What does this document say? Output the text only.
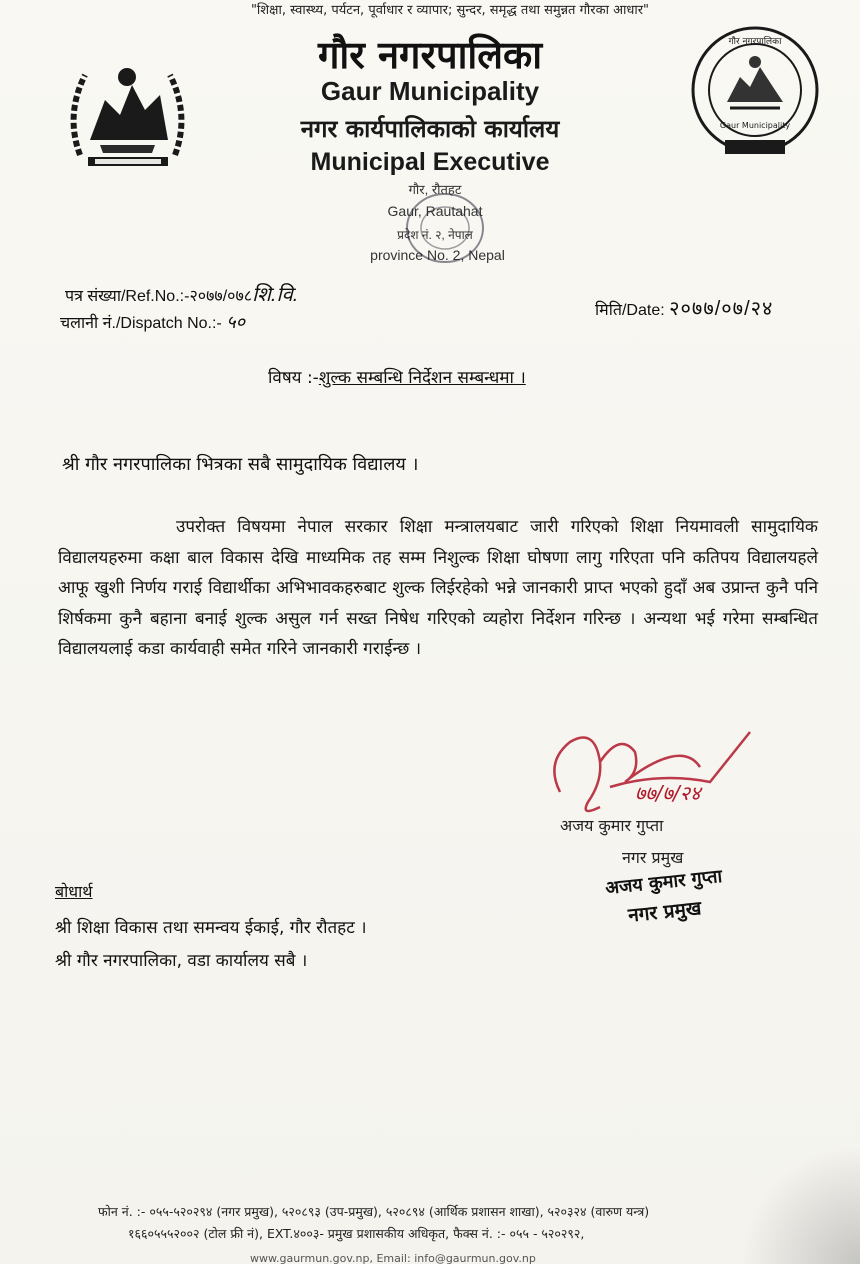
"शिक्षा, स्वास्थ्य, पर्यटन, पूर्वाधार र व्यापार; सुन्दर, समृद्ध तथा समुन्नत गौरका आधार"
गौर नगरपालिका
Gaur Municipality
गौर नगरपालिका
Gaur Municipality
नगर कार्यपालिकाको कार्यालय
Municipal Executive
गौर, रौतहट
Gaur, Rautahat
प्रदेश नं. २, नेपाल
province No. 2, Nepal
पत्र संख्या/Ref.No.:-२०७७/०७८शि.वि.
चलानी नं./Dispatch No.:- ५०
मिति/Date: २०७७/०७/२४
विषय :-शुल्क सम्बन्धि निर्देशन सम्बन्धमा ।
श्री गौर नगरपालिका भित्रका सबै सामुदायिक विद्यालय ।
उपरोक्त विषयमा नेपाल सरकार शिक्षा मन्त्रालयबाट जारी गरिएको शिक्षा नियमावली सामुदायिक विद्यालयहरुमा कक्षा बाल विकास देखि माध्यमिक तह सम्म निशुल्क शिक्षा घोषणा लागु गरिएता पनि कतिपय विद्यालयहले आफू खुशी निर्णय गराई विद्यार्थीका अभिभावकहरुबाट शुल्क लिईरहेको भन्ने जानकारी प्राप्त भएको हुदाँ अब उप्रान्त कुनै पनि शिर्षकमा कुनै बहाना बनाई शुल्क असुल गर्न सख्त निषेध गरिएको व्यहोरा निर्देशन गरिन्छ । अन्यथा भई गरेमा सम्बन्धित विद्यालयलाई कडा कार्यवाही समेत गरिने जानकारी गराईन्छ ।
७७/७/२४
अजय कुमार गुप्ता
नगर प्रमुख
अजय कुमार गुप्ता
नगर प्रमुख
बोधार्थ
श्री शिक्षा विकास तथा समन्वय ईकाई, गौर रौतहट ।
श्री गौर नगरपालिका, वडा कार्यालय सबै ।
फोन नं. :- ०५५-५२०२९४ (नगर प्रमुख), ५२०८९३ (उप-प्रमुख), ५२०८९४ (आर्थिक प्रशासन शाखा), ५२०३२४ (वारुण यन्त्र)
१६६०५५५२००२ (टोल फ्री नं), EXT.४००३- प्रमुख प्रशासकीय अधिकृत, फैक्स नं. :- ०५५ - ५२०२९२,
www.gaurmun.gov.np, Email: info@gaurmun.gov.np
